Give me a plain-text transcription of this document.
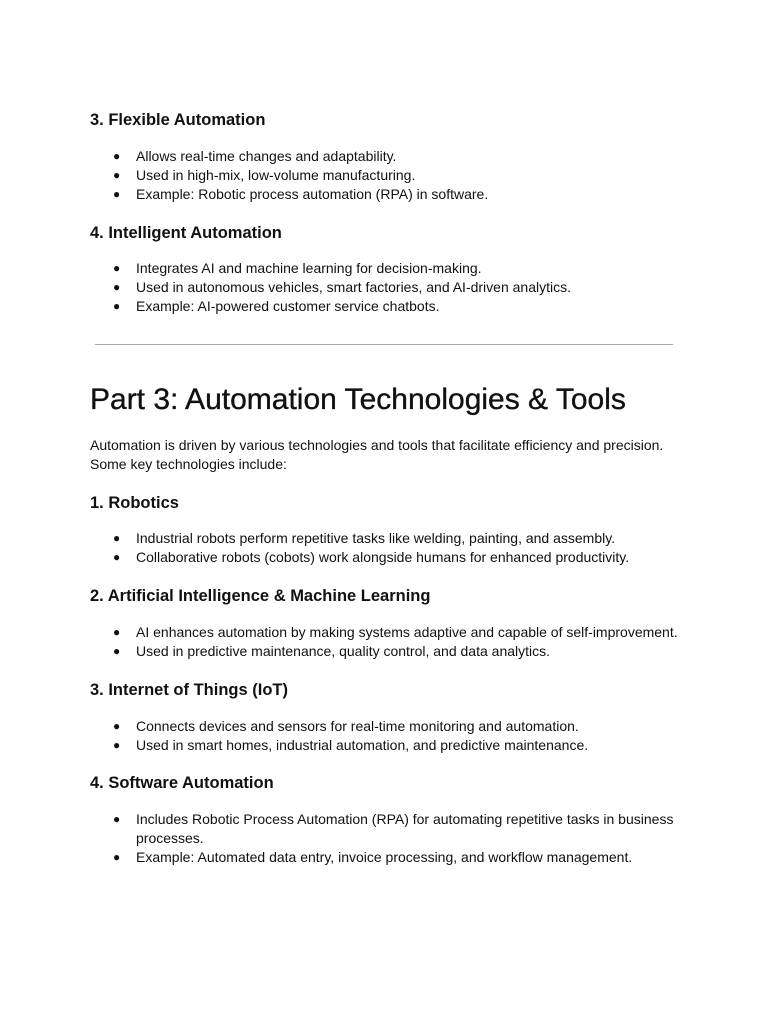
3. Flexible Automation
● Allows real-time changes and adaptability.
● Used in high-mix, low-volume manufacturing.
● Example: Robotic process automation (RPA) in software.
4. Intelligent Automation
● Integrates AI and machine learning for decision-making.
● Used in autonomous vehicles, smart factories, and AI-driven analytics.
● Example: AI-powered customer service chatbots.
Part 3: Automation Technologies & Tools

Automation is driven by various technologies and tools that facilitate efficiency and precision. Some key technologies include:

1. Robotics
● Industrial robots perform repetitive tasks like welding, painting, and assembly.
● Collaborative robots (cobots) work alongside humans for enhanced productivity.
2. Artificial Intelligence & Machine Learning
● AI enhances automation by making systems adaptive and capable of self-improvement.
● Used in predictive maintenance, quality control, and data analytics.
3. Internet of Things (IoT)
● Connects devices and sensors for real-time monitoring and automation.
● Used in smart homes, industrial automation, and predictive maintenance.
4. Software Automation
● Includes Robotic Process Automation (RPA) for automating repetitive tasks in business processes.
● Example: Automated data entry, invoice processing, and workflow management.
